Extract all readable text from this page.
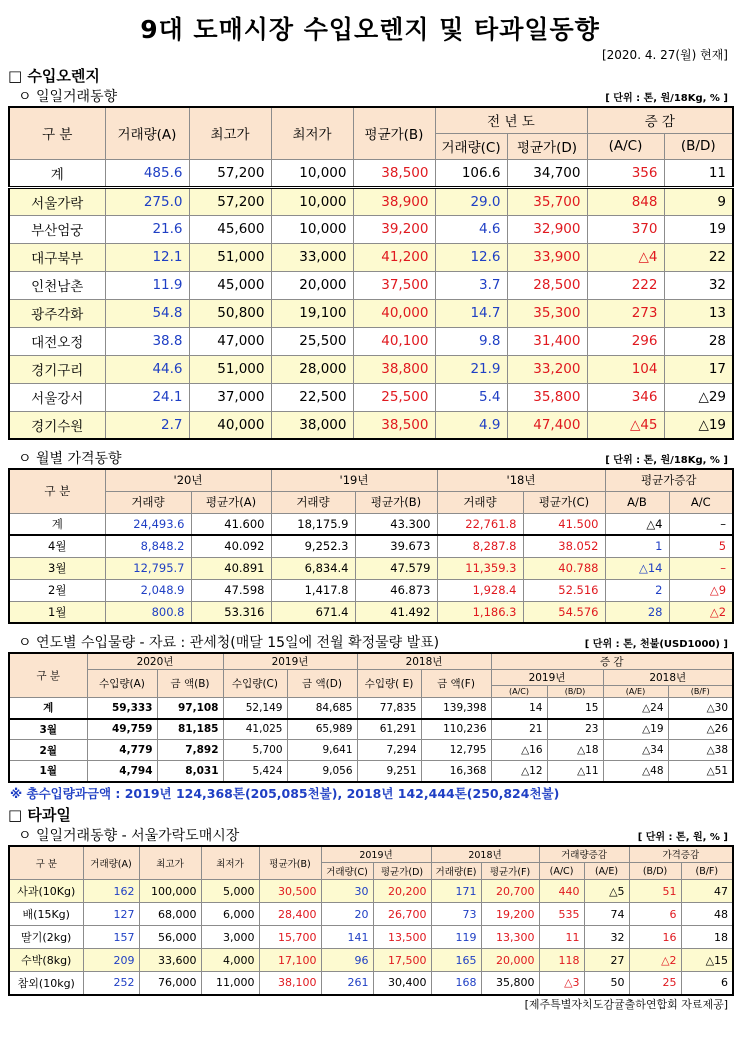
9대 도매시장 수입오렌지 및 타과일동향
[2020. 4. 27(월) 현재]
□ 수입오렌지
ㅇ 일일거래동향	[ 단위 : 톤, 원/18Kg, % ]
구 분	거래량(A)	최고가	최저가	평균가(B)	전 년 도		증 감	
					거래량(C)	평균가(D)	(A/C)	(B/D)
계	485.6	57,200	10,000	38,500	106.6	34,700	356	11
서울가락	275.0	57,200	10,000	38,900	29.0	35,700	848	9
부산엄궁	21.6	45,600	10,000	39,200	4.6	32,900	370	19
대구북부	12.1	51,000	33,000	41,200	12.6	33,900	△4	22
인천남촌	11.9	45,000	20,000	37,500	3.7	28,500	222	32
광주각화	54.8	50,800	19,100	40,000	14.7	35,300	273	13
대전오정	38.8	47,000	25,500	40,100	9.8	31,400	296	28
경기구리	44.6	51,000	28,000	38,800	21.9	33,200	104	17
서울강서	24.1	37,000	22,500	25,500	5.4	35,800	346	△29
경기수원	2.7	40,000	38,000	38,500	4.9	47,400	△45	△19
ㅇ 월별 가격동향	[ 단위 : 톤, 원/18Kg, % ]
구 분	'20년		'19년		'18년		평균가증감	
	거래량	평균가(A)	거래량	평균가(B)	거래량	평균가(C)	A/B	A/C
계	24,493.6	41.600	18,175.9	43.300	22,761.8	41.500	△4	–
4월	8,848.2	40.092	9,252.3	39.673	8,287.8	38.052	1	5
3월	12,795.7	40.891	6,834.4	47.579	11,359.3	40.788	△14	–
2월	2,048.9	47.598	1,417.8	46.873	1,928.4	52.516	2	△9
1월	800.8	53.316	671.4	41.492	1,186.3	54.576	28	△2
ㅇ 연도별 수입물량 - 자료 : 관세청(매달 15일에 전월 확정물량 발표)	[ 단위 : 톤, 천불(USD1000) ]
구 분	2020년		2019년		2018년		증 감			
	수입량(A)	금 액(B)	수입량(C)	금 액(D)	수입량( E)	금 액(F)	2019년		2018년	
							(A/C)	(B/D)	(A/E)	(B/F)
계	59,333	97,108	52,149	84,685	77,835	139,398	14	15	△24	△30
3월	49,759	81,185	41,025	65,989	61,291	110,236	21	23	△19	△26
2월	4,779	7,892	5,700	9,641	7,294	12,795	△16	△18	△34	△38
1월	4,794	8,031	5,424	9,056	9,251	16,368	△12	△11	△48	△51
※ 총수입량과금액 : 2019년 124,368톤(205,085천불), 2018년 142,444톤(250,824천불)
□ 타과일
ㅇ 일일거래동향 - 서울가락도매시장	[ 단위 : 톤, 원, % ]
구 분	거래량(A)	최고가	최저가	평균가(B)	2019년		2018년		거래량증감		가격증감	
					거래량(C)	평균가(D)	거래량(E)	평균가(F)	(A/C)	(A/E)	(B/D)	(B/F)
사과(10Kg)	162	100,000	5,000	30,500	30	20,200	171	20,700	440	△5	51	47
배(15Kg)	127	68,000	6,000	28,400	20	26,700	73	19,200	535	74	6	48
딸기(2kg)	157	56,000	3,000	15,700	141	13,500	119	13,300	11	32	16	18
수박(8kg)	209	33,600	4,000	17,100	96	17,500	165	20,000	118	27	△2	△15
참외(10kg)	252	76,000	11,000	38,100	261	30,400	168	35,800	△3	50	25	6
[제주특별자치도감귤출하연합회 자료제공]
